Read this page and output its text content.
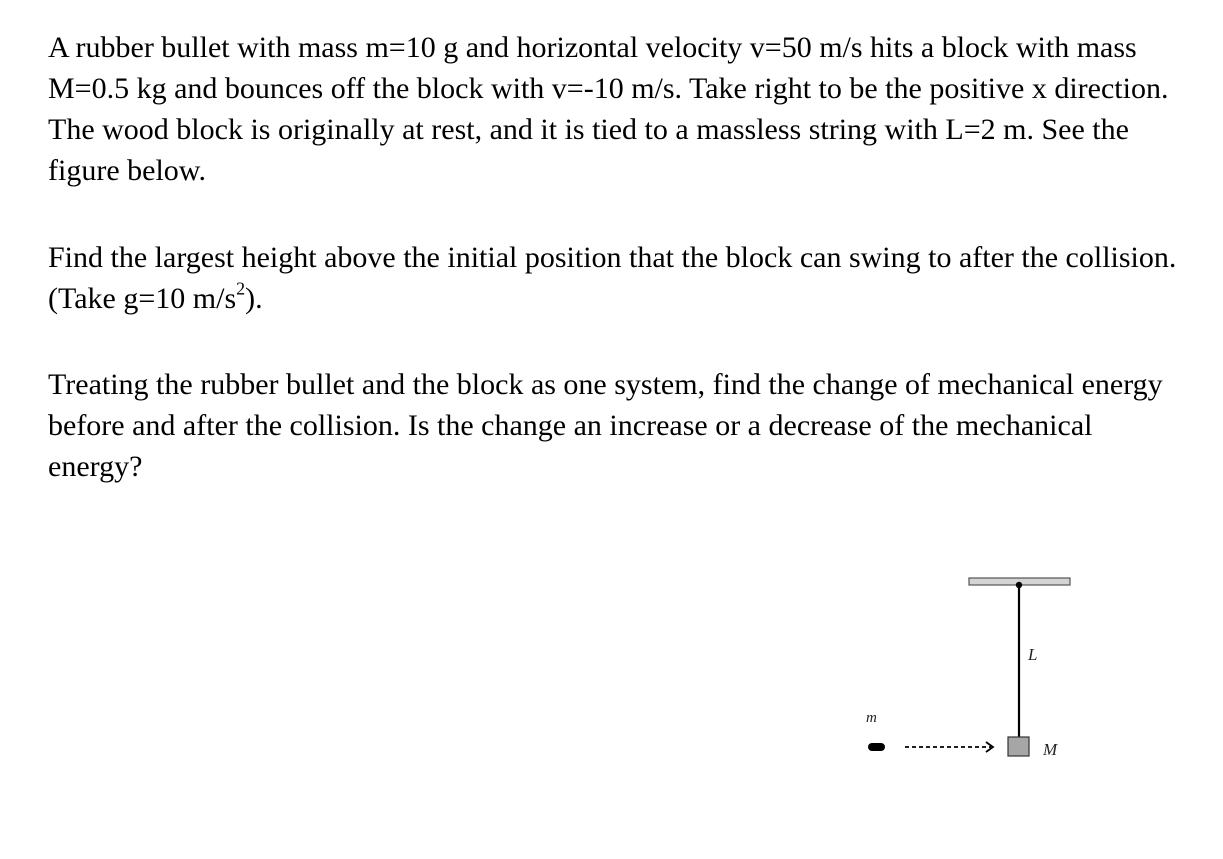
A rubber bullet with mass m=10 g and horizontal velocity v=50 m/s hits a block with mass M=0.5 kg and bounces off the block with v=-10 m/s. Take right to be the positive x direction. The wood block is originally at rest, and it is tied to a massless string with L=2 m. See the figure below.

Find the largest height above the initial position that the block can swing to after the collision. (Take g=10 $m/s^2$).

Treating the rubber bullet and the block as one system, find the change of mechanical energy before and after the collision. Is the change an increase or a decrease of the mechanical energy?

m
L
M
